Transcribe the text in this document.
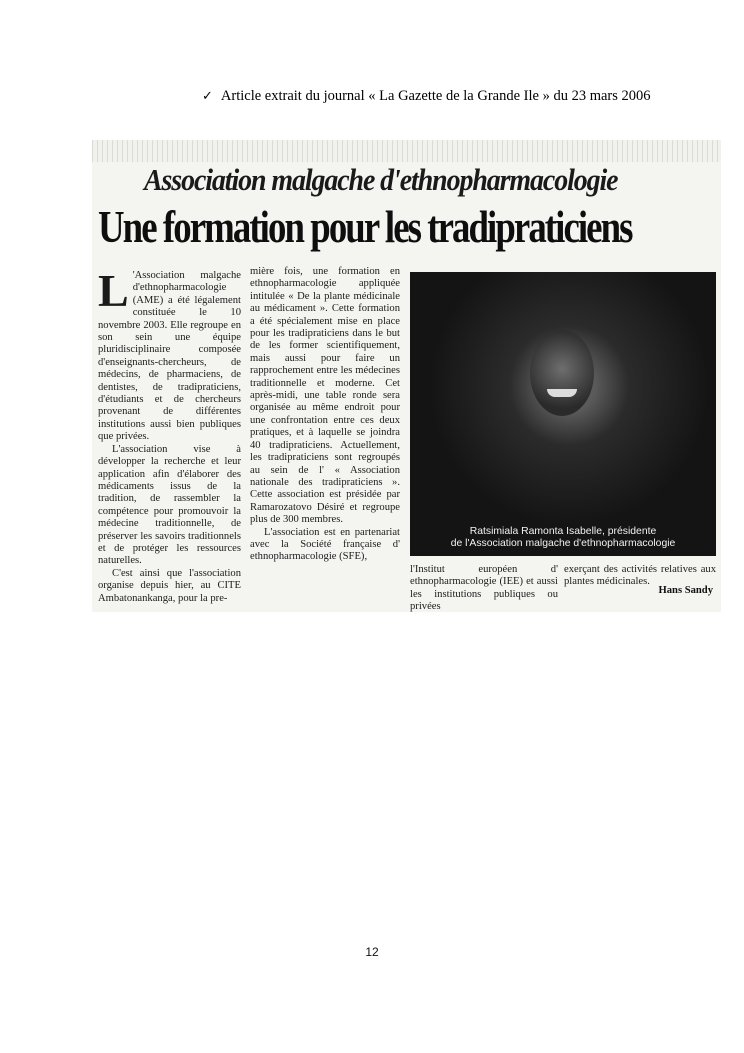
✓ Article extrait du journal « La Gazette de la Grande Ile » du 23 mars 2006
Association malgache d'ethnopharmacologie
Une formation pour les tradipraticiens

L 'Association malgache d'ethnopharmacologie (AME) a été légalement constituée le 10 novembre 2003. Elle regroupe en son sein une équipe pluridisciplinaire composée d'enseignants-chercheurs, de médecins, de pharmaciens, de dentistes, de tradipraticiens, d'étudiants et de chercheurs provenant de différentes institutions aussi bien publiques que privées.

L'association vise à développer la recherche et leur application afin d'élaborer des médicaments issus de la tradition, de rassembler la compétence pour promouvoir la médecine traditionnelle, de préserver les savoirs traditionnels et de protéger les ressources naturelles.

C'est ainsi que l'association organise depuis hier, au CITE Ambatonankanga, pour la pre-

mière fois, une formation en ethnopharmacologie appliquée intitulée « De la plante médicinale au médicament ». Cette formation a été spécialement mise en place pour les tradipraticiens dans le but de les former scientifiquement, mais aussi pour faire un rapprochement entre les médecines traditionnelle et moderne. Cet après-midi, une table ronde sera organisée au même endroit pour une confrontation entre ces deux pratiques, et à laquelle se joindra 40 tradipraticiens. Actuellement, les tradipraticiens sont regroupés au sein de l' « Association nationale des tradipraticiens ». Cette association est présidée par Ramarozatovo Désiré et regroupe plus de 300 membres.

L'association est en partenariat avec la Société française d' ethnopharmacologie (SFE),

Ratsimiala Ramonta Isabelle, présidente
de l'Association malgache d'ethnopharmacologie

l'Institut européen d' ethnopharmacologie (IEE) et aussi les institutions publiques ou privées

exerçant des activités relatives aux plantes médicinales.

Hans Sandy
12
